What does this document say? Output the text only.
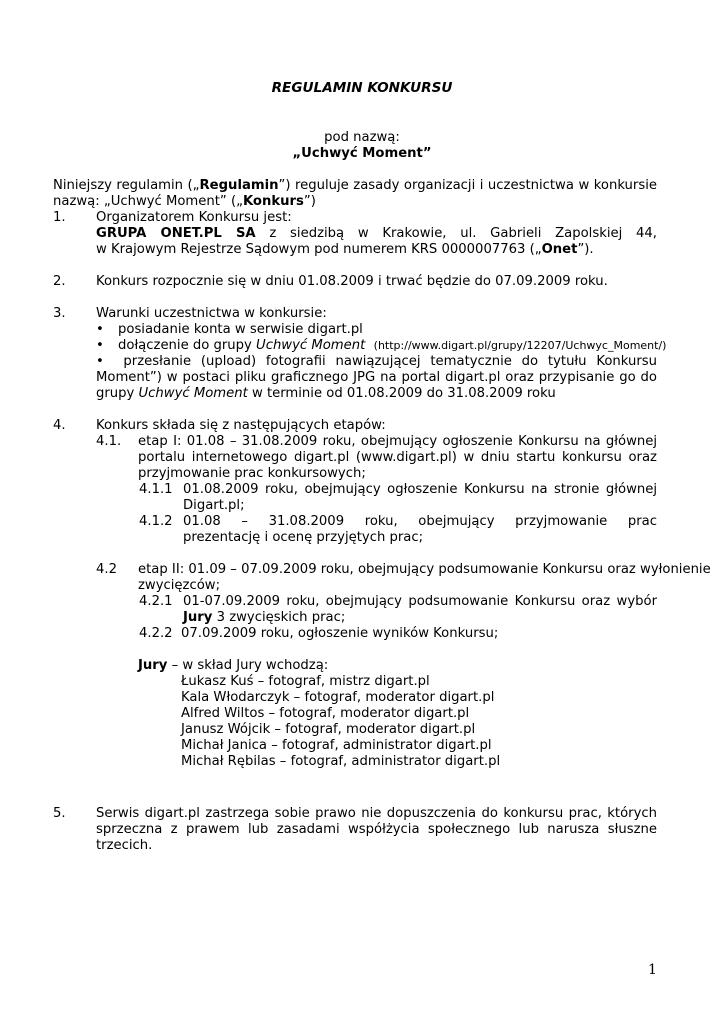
REGULAMIN KONKURSU
pod nazwą:
„Uchwyć Moment”
Niniejszy regulamin („Regulamin”) reguluje zasady organizacji i uczestnictwa w konkursie
nazwą: „Uchwyć Moment” („Konkurs”)
1. Organizatorem Konkursu jest:
GRUPA ONET.PL SA z siedzibą w Krakowie, ul. Gabrieli Zapolskiej 44,
w Krajowym Rejestrze Sądowym pod numerem KRS 0000007763 („Onet”).
2. Konkurs rozpocznie się w dniu 01.08.2009 i trwać będzie do 07.09.2009 roku.
3. Warunki uczestnictwa w konkursie:
•	posiadanie konta w serwisie digart.pl
•	dołączenie do grupy Uchwyć Moment (http://www.digart.pl/grupy/12207/Uchwyc_Moment/)
• przesłanie (upload) fotografii nawiązującej tematycznie do tytułu Konkursu
Moment”) w postaci pliku graficznego JPG na portal digart.pl oraz przypisanie go do
grupy Uchwyć Moment w terminie od 01.08.2009 do 31.08.2009 roku
4. Konkurs składa się z następujących etapów:
4.1. etap I: 01.08 – 31.08.2009 roku, obejmujący ogłoszenie Konkursu na głównej
portalu internetowego digart.pl (www.digart.pl) w dniu startu konkursu oraz
przyjmowanie prac konkursowych;
4.1.1 01.08.2009 roku, obejmujący ogłoszenie Konkursu na stronie głównej
Digart.pl;
4.1.2 01.08 – 31.08.2009 roku, obejmujący przyjmowanie prac
prezentację i ocenę przyjętych prac;
4.2 etap II: 01.09 – 07.09.2009 roku, obejmujący podsumowanie Konkursu oraz wyłonienie
zwycięzców;
4.2.1 01-07.09.2009 roku, obejmujący podsumowanie Konkursu oraz wybór
Jury 3 zwycięskich prac;
4.2.2 07.09.2009 roku, ogłoszenie wyników Konkursu;
Jury – w skład Jury wchodzą:
Łukasz Kuś – fotograf, mistrz digart.pl
Kala Włodarczyk – fotograf, moderator digart.pl
Alfred Wiltos – fotograf, moderator digart.pl
Janusz Wójcik – fotograf, moderator digart.pl
Michał Janica – fotograf, administrator digart.pl
Michał Rębilas – fotograf, administrator digart.pl
5. Serwis digart.pl zastrzega sobie prawo nie dopuszczenia do konkursu prac, których
sprzeczna z prawem lub zasadami współżycia społecznego lub narusza słuszne
trzecich.
1
